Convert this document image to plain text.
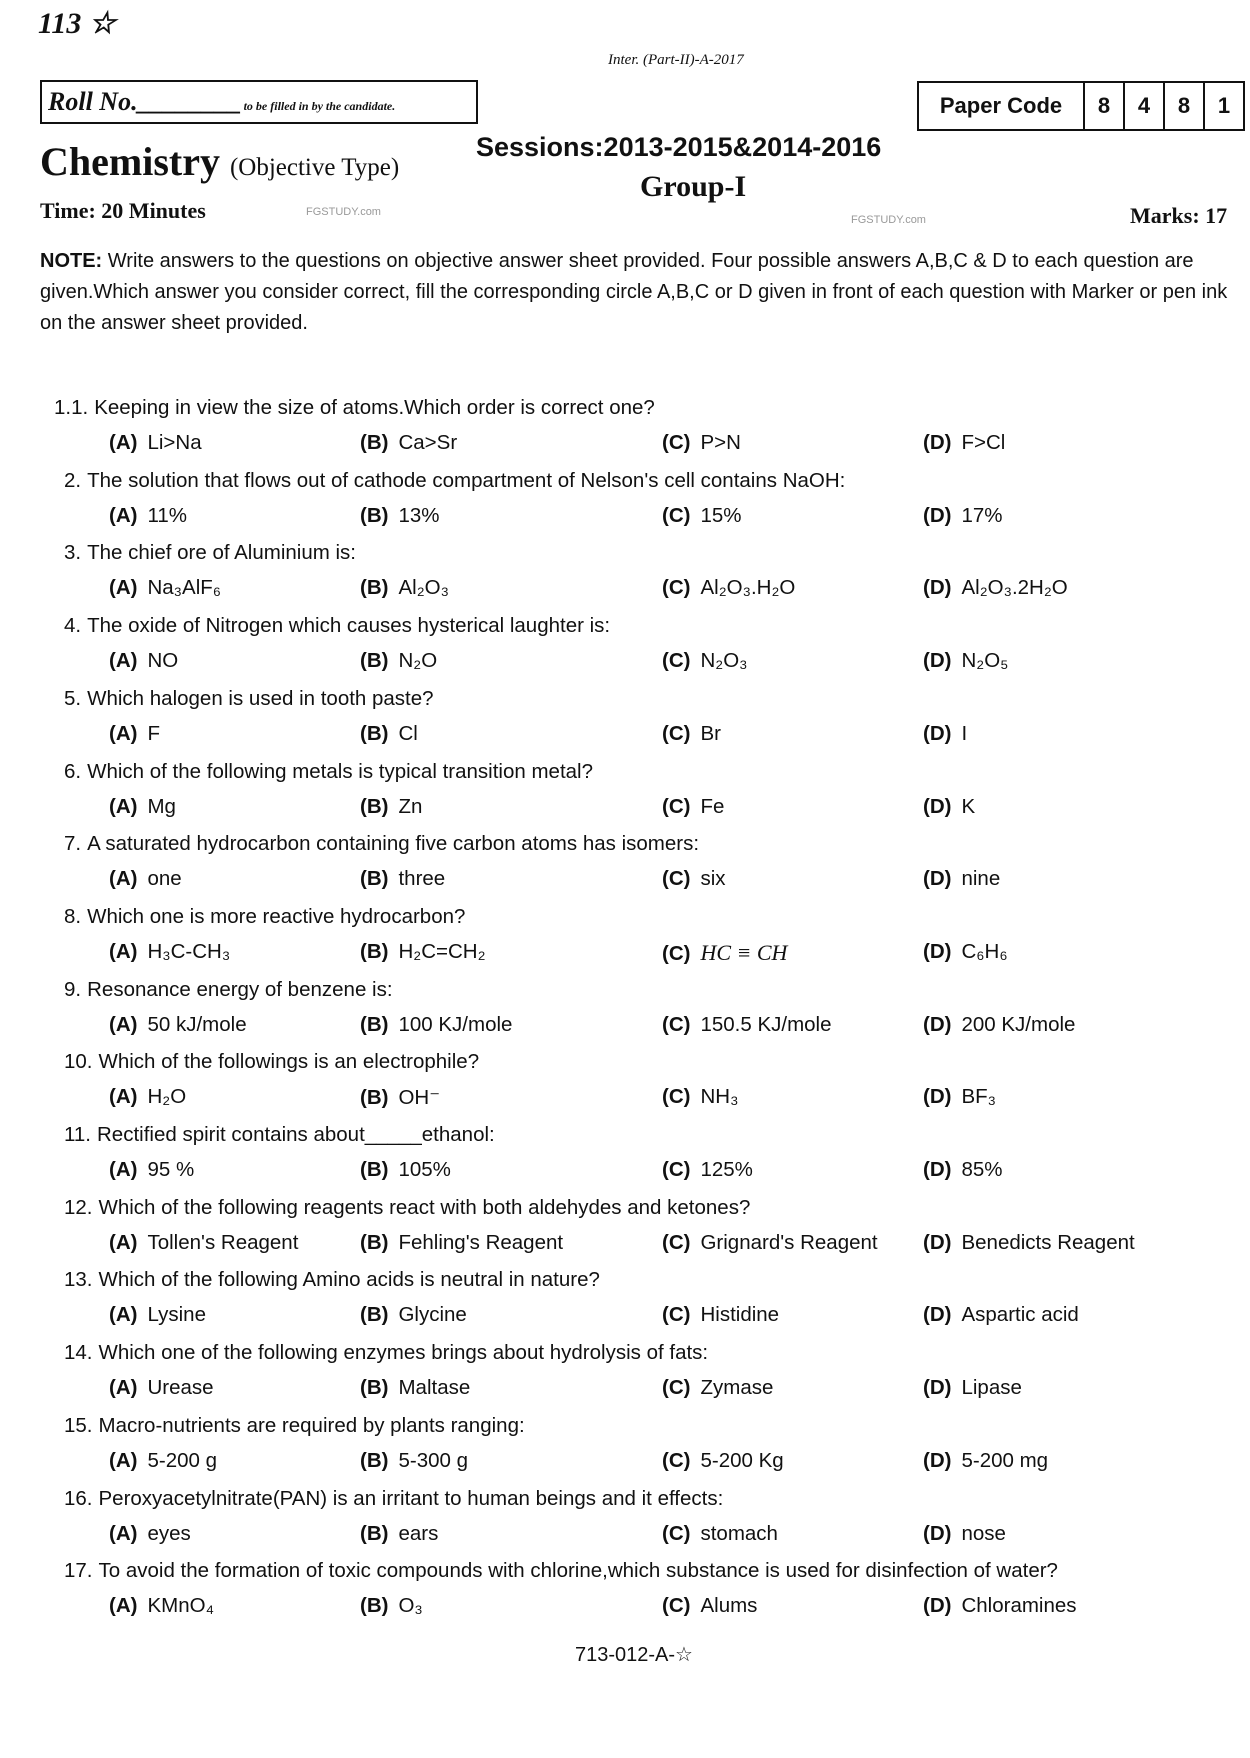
113 ☆
Inter. (Part-II)-A-2017
Roll No.________ to be filled in by the candidate.	Paper Code	8	4	8	1
Chemistry (Objective Type)
Sessions:2013-2015&2014-2016
Group-I
Time: 20 Minutes	FGSTUDY.com
FGSTUDY.com	Marks: 17
NOTE: Write answers to the questions on objective answer sheet provided. Four possible answers A,B,C & D to each question are given.Which answer you consider correct, fill the corresponding circle A,B,C or D given in front of each question with Marker or pen ink on the answer sheet provided.
1.1. Keeping in view the size of atoms.Which order is correct one?
(A) Li>Na	(B) Ca>Sr	(C) P>N	(D) F>Cl
2. The solution that flows out of cathode compartment of Nelson's cell contains NaOH:
(A) 11%	(B) 13%	(C) 15%	(D) 17%
3. The chief ore of Aluminium is:
(A) Na₃AlF₆	(B) Al₂O₃	(C) Al₂O₃.H₂O	(D) Al₂O₃.2H₂O
4. The oxide of Nitrogen which causes hysterical laughter is:
(A) NO	(B) N₂O	(C) N₂O₃	(D) N₂O₅
5. Which halogen is used in tooth paste?
(A) F	(B) Cl	(C) Br	(D) I
6. Which of the following metals is typical transition metal?
(A) Mg	(B) Zn	(C) Fe	(D) K
7. A saturated hydrocarbon containing five carbon atoms has isomers:
(A) one	(B) three	(C) six	(D) nine
8. Which one is more reactive hydrocarbon?
(A) H₃C-CH₃	(B) H₂C=CH₂	(C) HC ≡ CH	(D) C₆H₆
9. Resonance energy of benzene is:
(A) 50 kJ/mole	(B) 100 KJ/mole	(C) 150.5 KJ/mole	(D) 200 KJ/mole
10. Which of the followings is an electrophile?
(A) H₂O	(B) OH⁻	(C) NH₃	(D) BF₃
11. Rectified spirit contains about_____ethanol:
(A) 95 %	(B) 105%	(C) 125%	(D) 85%
12. Which of the following reagents react with both aldehydes and ketones?
(A) Tollen's Reagent	(B) Fehling's Reagent	(C) Grignard's Reagent (D) Benedicts Reagent
13. Which of the following Amino acids is neutral in nature?
(A) Lysine	(B) Glycine	(C) Histidine	(D) Aspartic acid
14. Which one of the following enzymes brings about hydrolysis of fats:
(A) Urease	(B) Maltase	(C) Zymase	(D) Lipase
15. Macro-nutrients are required by plants ranging:
(A) 5-200 g	(B) 5-300 g	(C) 5-200 Kg	(D) 5-200 mg
16. Peroxyacetylnitrate(PAN) is an irritant to human beings and it effects:
(A) eyes	(B) ears	(C) stomach	(D) nose
17. To avoid the formation of toxic compounds with chlorine,which substance is used for disinfection of water?
(A) KMnO₄	(B) O₃	(C) Alums	(D) Chloramines
713-012-A-☆
